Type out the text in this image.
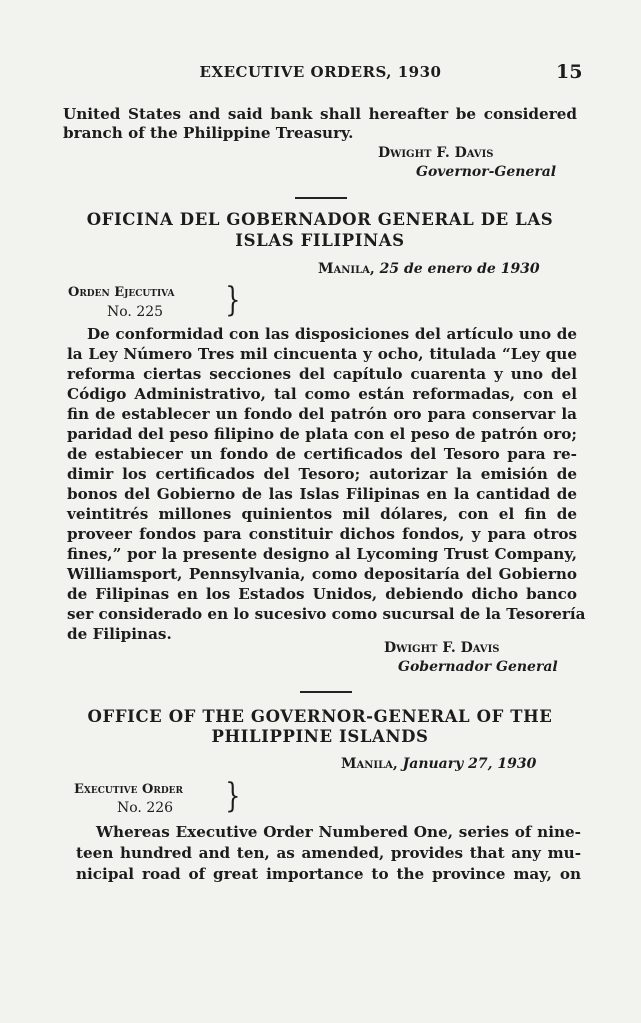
EXECUTIVE ORDERS, 1930	15
United States and said bank shall hereafter be considered
branch of the Philippine Treasury.
Dwight F. Davis
Governor-General
OFICINA DEL GOBERNADOR GENERAL DE LAS
ISLAS FILIPINAS
Manila, 25 de enero de 1930
Orden Ejecutiva
No. 225 }
De conformidad con las disposiciones del artículo uno de
la Ley Número Tres mil cincuenta y ocho, titulada “Ley que
reforma ciertas secciones del capítulo cuarenta y uno del
Código Administrativo, tal como están reformadas, con el
fin de establecer un fondo del patrón oro para conservar la
paridad del peso filipino de plata con el peso de patrón oro;
de estabiecer un fondo de certificados del Tesoro para re-
dimir los certificados del Tesoro; autorizar la emisión de
bonos del Gobierno de las Islas Filipinas en la cantidad de
veintitrés millones quinientos mil dólares, con el fin de
proveer fondos para constituir dichos fondos, y para otros
fines,” por la presente designo al Lycoming Trust Company,
Williamsport, Pennsylvania, como depositaría del Gobierno
de Filipinas en los Estados Unidos, debiendo dicho banco
ser considerado en lo sucesivo como sucursal de la Tesorería
de Filipinas.
Dwight F. Davis
Gobernador General
OFFICE OF THE GOVERNOR-GENERAL OF THE
PHILIPPINE ISLANDS
Manila, January 27, 1930
Executive Order
No. 226 }
Whereas Executive Order Numbered One, series of nine-
teen hundred and ten, as amended, provides that any mu-
nicipal road of great importance to the province may, on
